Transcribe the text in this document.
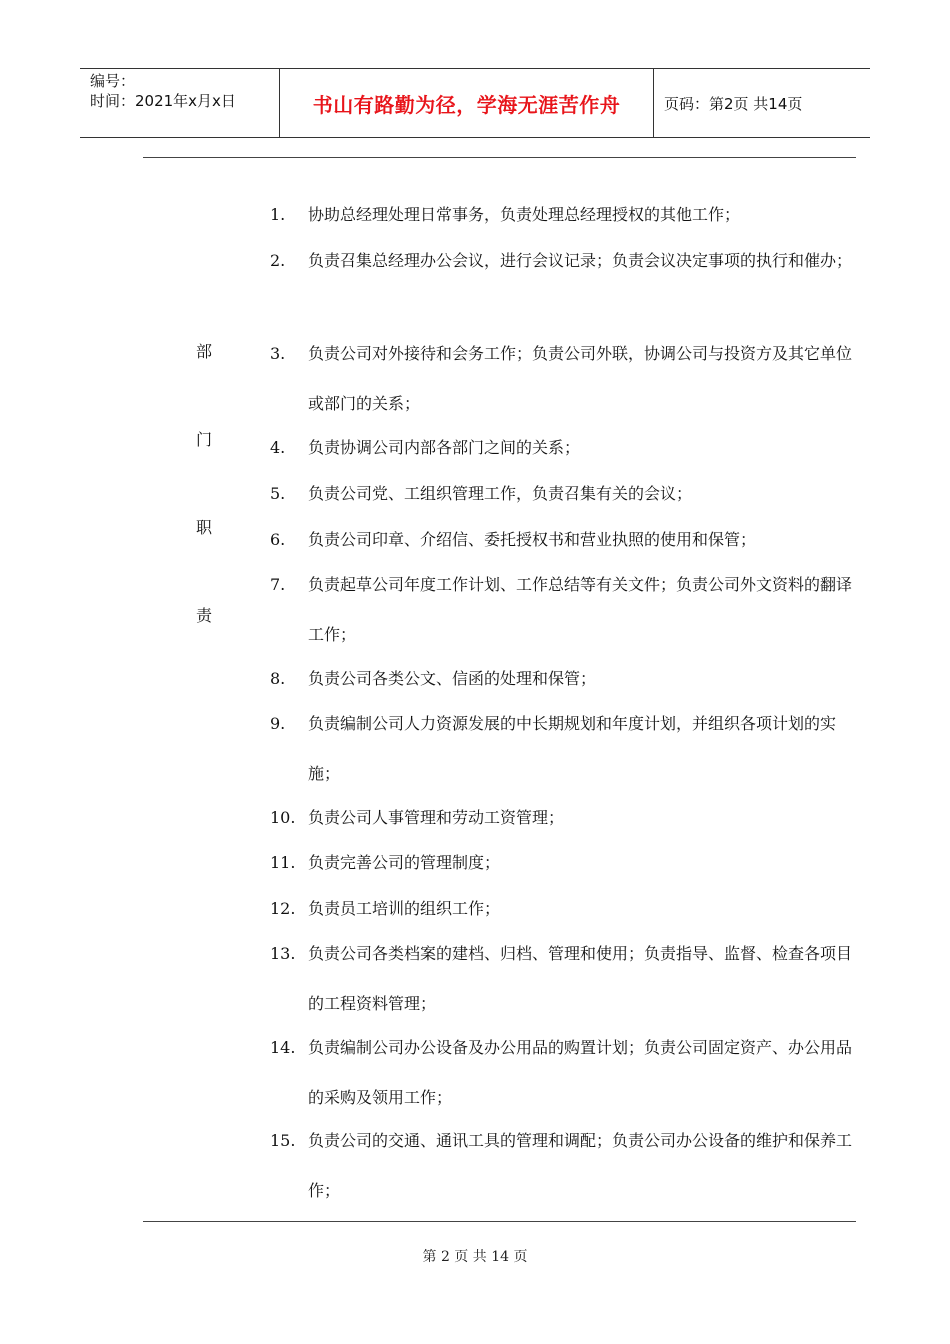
编号：
时间：2021年x月x日	书山有路勤为径，学海无涯苦作舟	页码：第2页 共14页
部
门
职
责
1. 协助总经理处理日常事务，负责处理总经理授权的其他工作；
2. 负责召集总经理办公会议，进行会议记录；负责会议决定事项的执行和催办；
3. 负责公司对外接待和会务工作；负责公司外联，协调公司与投资方及其它单位或部门的关系；
4. 负责协调公司内部各部门之间的关系；
5. 负责公司党、工组织管理工作，负责召集有关的会议；
6. 负责公司印章、介绍信、委托授权书和营业执照的使用和保管；
7. 负责起草公司年度工作计划、工作总结等有关文件；负责公司外文资料的翻译工作；
8. 负责公司各类公文、信函的处理和保管；
9. 负责编制公司人力资源发展的中长期规划和年度计划，并组织各项计划的实施；
10. 负责公司人事管理和劳动工资管理；
11. 负责完善公司的管理制度；
12. 负责员工培训的组织工作；
13. 负责公司各类档案的建档、归档、管理和使用；负责指导、监督、检查各项目的工程资料管理；
14. 负责编制公司办公设备及办公用品的购置计划；负责公司固定资产、办公用品的采购及领用工作；
15. 负责公司的交通、通讯工具的管理和调配；负责公司办公设备的维护和保养工作；
第 2 页 共 14 页
